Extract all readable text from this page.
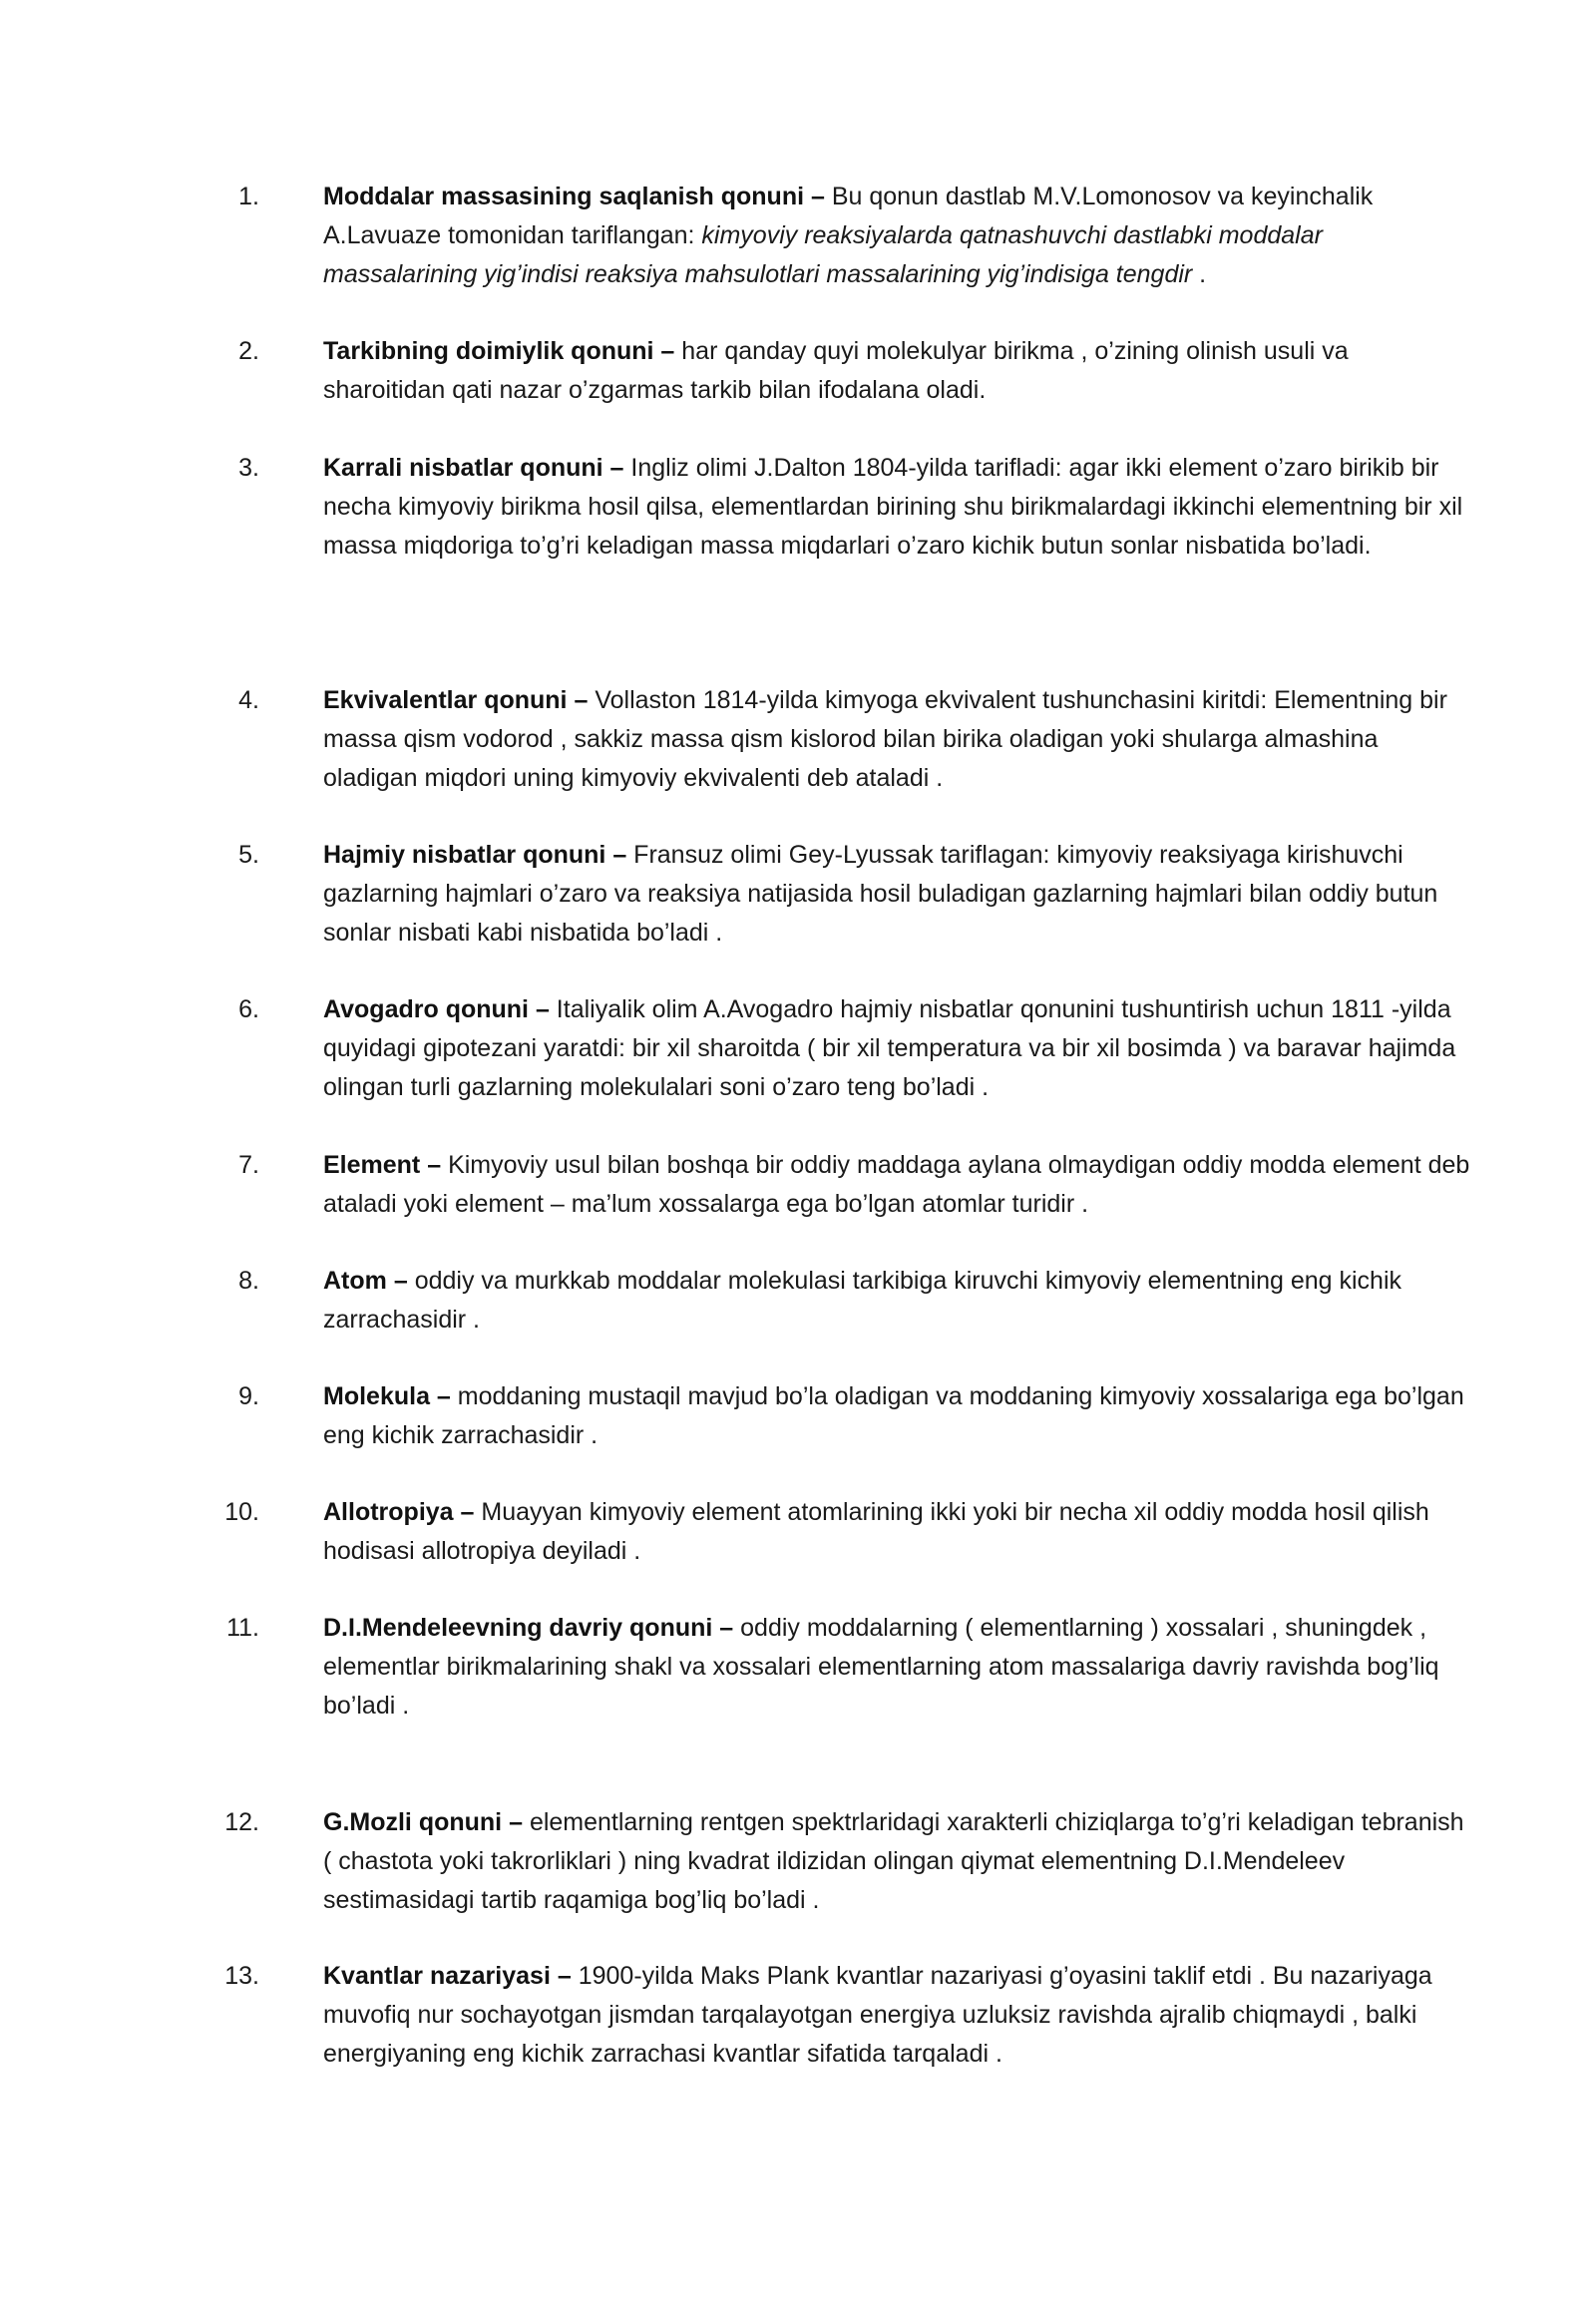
1.	Moddalar massasining saqlanish qonuni – Bu qonun dastlab M.V.Lomonosov va keyinchalik A.Lavuaze tomonidan tariflangan: kimyoviy reaksiyalarda qatnashuvchi dastlabki moddalar massalarining yig’indisi reaksiya mahsulotlari massalarining yig’indisiga tengdir .
2.	Tarkibning doimiylik qonuni – har qanday quyi molekulyar birikma , o’zining olinish usuli va sharoitidan qati nazar o’zgarmas tarkib bilan ifodalana oladi.
3.	Karrali nisbatlar qonuni – Ingliz olimi J.Dalton 1804-yilda tarifladi: agar ikki element o’zaro birikib bir necha kimyoviy birikma hosil qilsa, elementlardan birining shu birikmalardagi ikkinchi elementning bir xil massa miqdoriga to’g’ri keladigan massa miqdarlari o’zaro kichik butun sonlar nisbatida bo’ladi.
4.	Ekvivalentlar qonuni – Vollaston 1814-yilda kimyoga ekvivalent tushunchasini kiritdi: Elementning bir massa qism vodorod , sakkiz massa qism kislorod bilan birika oladigan yoki shularga almashina oladigan miqdori uning kimyoviy ekvivalenti deb ataladi .
5.	Hajmiy nisbatlar qonuni – Fransuz olimi Gey-Lyussak tariflagan: kimyoviy reaksiyaga kirishuvchi gazlarning hajmlari o’zaro va reaksiya natijasida hosil buladigan gazlarning hajmlari bilan oddiy butun sonlar nisbati kabi nisbatida bo’ladi .
6.	Avogadro qonuni – Italiyalik olim A.Avogadro hajmiy nisbatlar qonunini tushuntirish uchun 1811 -yilda quyidagi gipotezani yaratdi: bir xil sharoitda ( bir xil temperatura va bir xil bosimda ) va baravar hajimda olingan turli gazlarning molekulalari soni o’zaro teng bo’ladi .
7.	Element – Kimyoviy usul bilan boshqa bir oddiy maddaga aylana olmaydigan oddiy modda element deb ataladi yoki element – ma’lum xossalarga ega bo’lgan atomlar turidir .
8.	Atom – oddiy va murkkab moddalar molekulasi tarkibiga kiruvchi kimyoviy elementning eng kichik zarrachasidir .
9.	Molekula – moddaning mustaqil mavjud bo’la oladigan va moddaning kimyoviy xossalariga ega bo’lgan eng kichik zarrachasidir .
10.	Allotropiya – Muayyan kimyoviy element atomlarining ikki yoki bir necha xil oddiy modda hosil qilish hodisasi allotropiya deyiladi .
11.	D.I.Mendeleevning davriy qonuni – oddiy moddalarning ( elementlarning ) xossalari , shuningdek , elementlar birikmalarining shakl va xossalari elementlarning atom massalariga davriy ravishda bog’liq bo’ladi .
12.	G.Mozli qonuni – elementlarning rentgen spektrlaridagi xarakterli chiziqlarga to’g’ri keladigan tebranish ( chastota yoki takrorliklari ) ning kvadrat ildizidan olingan qiymat elementning D.I.Mendeleev sestimasidagi tartib raqamiga bog’liq bo’ladi .
13.	Kvantlar nazariyasi – 1900-yilda Maks Plank kvantlar nazariyasi g’oyasini taklif etdi . Bu nazariyaga muvofiq nur sochayotgan jismdan tarqalayotgan energiya uzluksiz ravishda ajralib chiqmaydi , balki energiyaning eng kichik zarrachasi kvantlar sifatida tarqaladi .
